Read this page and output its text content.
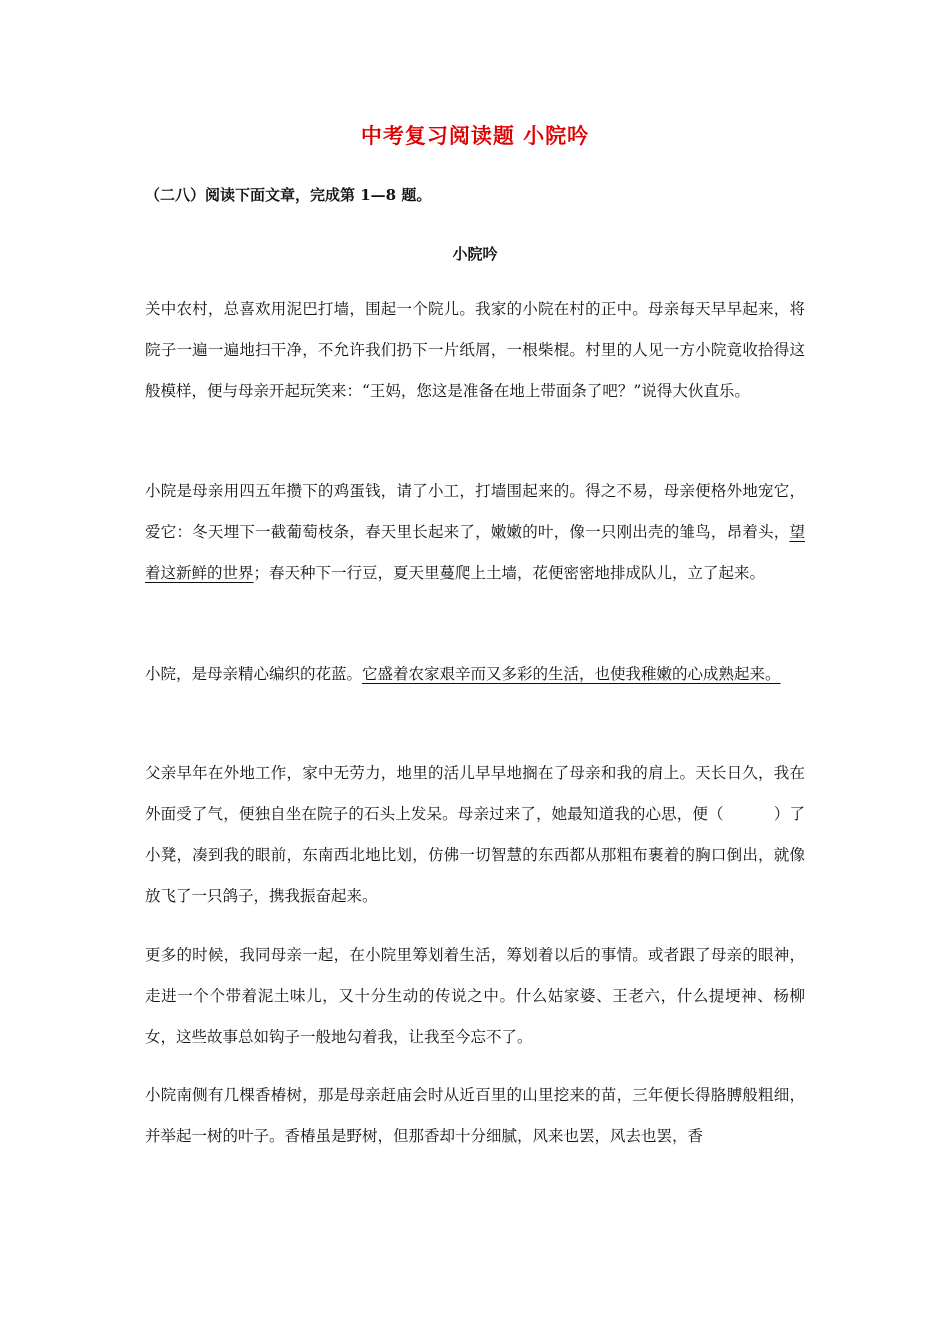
中考复习阅读题 小院吟
（二八）阅读下面文章，完成第 1—8 题。
小院吟

关中农村，总喜欢用泥巴打墙，围起一个院儿。我家的小院在村的正中。母亲每天早早起来，将院子一遍一遍地扫干净，不允许我们扔下一片纸屑，一根柴棍。村里的人见一方小院竟收拾得这般模样，便与母亲开起玩笑来：“王妈，您这是准备在地上带面条了吧？”说得大伙直乐。

小院是母亲用四五年攒下的鸡蛋钱，请了小工，打墙围起来的。得之不易，母亲便格外地宠它，爱它：冬天埋下一截葡萄枝条，春天里长起来了，嫩嫩的叶，像一只刚出壳的雏鸟，昂着头，望着这新鲜的世界；春天种下一行豆，夏天里蔓爬上土墙，花便密密地排成队儿，立了起来。

小院，是母亲精心编织的花蓝。它盛着农家艰辛而又多彩的生活，也使我稚嫩的心成熟起来。

父亲早年在外地工作，家中无劳力，地里的活儿早早地搁在了母亲和我的肩上。天长日久，我在外面受了气，便独自坐在院子的石头上发呆。母亲过来了，她最知道我的心思，便（	）了小凳，凑到我的眼前，东南西北地比划，仿佛一切智慧的东西都从那粗布裹着的胸口倒出，就像放飞了一只鸽子，携我振奋起来。

更多的时候，我同母亲一起，在小院里筹划着生活，筹划着以后的事情。或者跟了母亲的眼神，走进一个个带着泥土味儿，又十分生动的传说之中。什么姑家婆、王老六，什么提埂神、杨柳女，这些故事总如钩子一般地勾着我，让我至今忘不了。

小院南侧有几棵香椿树，那是母亲赶庙会时从近百里的山里挖来的苗，三年便长得胳膊般粗细，并举起一树的叶子。香椿虽是野树，但那香却十分细腻，风来也罢，风去也罢，香
